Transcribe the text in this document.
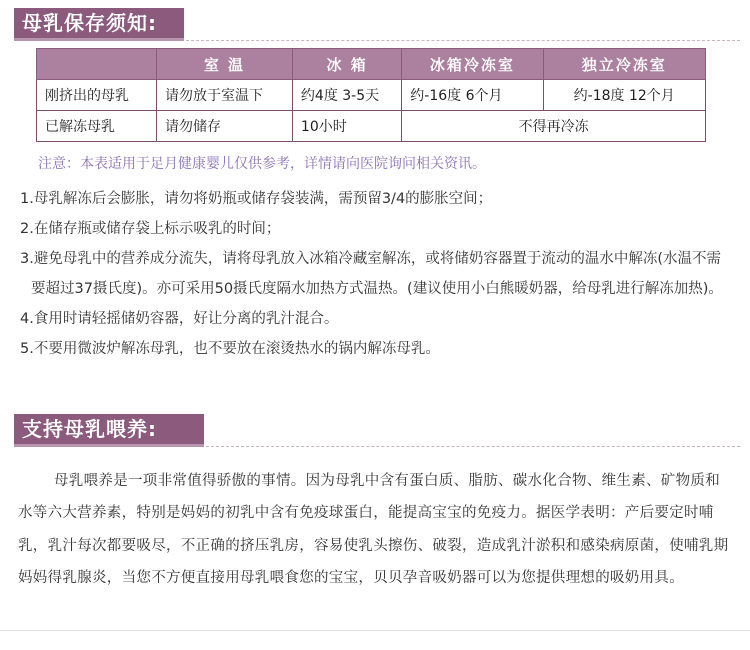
母乳保存须知:
	室 温	冰 箱	冰箱冷冻室	独立冷冻室
刚挤出的母乳	请勿放于室温下	约4度 3-5天	约-16度 6个月	约-18度 12个月
已解冻母乳	请勿储存	10小时	不得再冷冻	
注意：本表适用于足月健康婴儿仅供参考，详情请向医院询问相关资讯。

1.母乳解冻后会膨胀，请勿将奶瓶或储存袋装满，需预留3/4的膨胀空间；

2.在储存瓶或储存袋上标示吸乳的时间；

3.避免母乳中的营养成分流失，请将母乳放入冰箱冷藏室解冻，或将储奶容器置于流动的温水中解冻(水温不需要超过37摄氏度)。亦可采用50摄氏度隔水加热方式温热。(建议使用小白熊暖奶器，给母乳进行解冻加热)。

4.食用时请轻摇储奶容器，好让分离的乳汁混合。

5.不要用微波炉解冻母乳，也不要放在滚烫热水的锅内解冻母乳。

支持母乳喂养:

母乳喂养是一项非常值得骄傲的事情。因为母乳中含有蛋白质、脂肪、碳水化合物、维生素、矿物质和水等六大营养素，特别是妈妈的初乳中含有免疫球蛋白，能提高宝宝的免疫力。据医学表明：产后要定时哺乳，乳汁每次都要吸尽，不正确的挤压乳房，容易使乳头擦伤、破裂，造成乳汁淤积和感染病原菌，使哺乳期妈妈得乳腺炎，当您不方便直接用母乳喂食您的宝宝，贝贝孕音吸奶器可以为您提供理想的吸奶用具。
